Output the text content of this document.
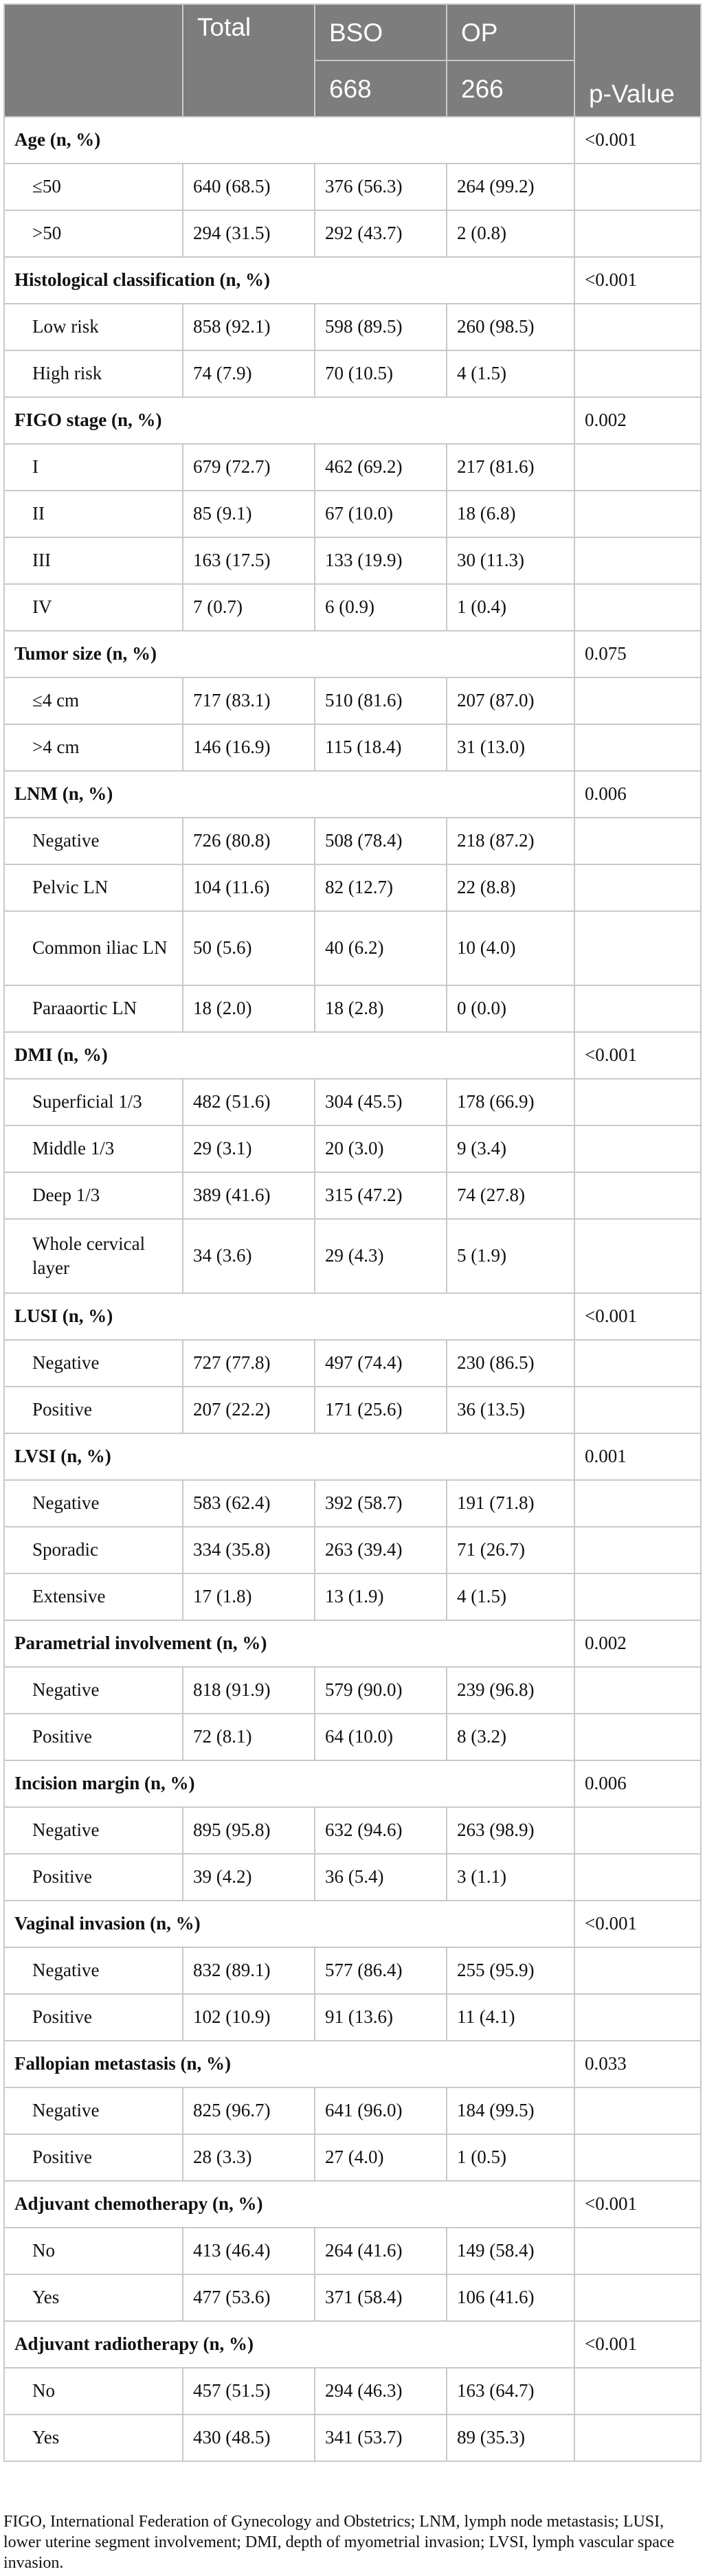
	Total	BSO	OP	p-Value
		668	266	
Age (n, %)				<0.001
≤50	640 (68.5)	376 (56.3)	264 (99.2)	
>50	294 (31.5)	292 (43.7)	2 (0.8)	
Histological classification (n, %)				<0.001
Low risk	858 (92.1)	598 (89.5)	260 (98.5)	
High risk	74 (7.9)	70 (10.5)	4 (1.5)	
FIGO stage (n, %)				0.002
I	679 (72.7)	462 (69.2)	217 (81.6)	
II	85 (9.1)	67 (10.0)	18 (6.8)	
III	163 (17.5)	133 (19.9)	30 (11.3)	
IV	7 (0.7)	6 (0.9)	1 (0.4)	
Tumor size (n, %)				0.075
≤4 cm	717 (83.1)	510 (81.6)	207 (87.0)	
>4 cm	146 (16.9)	115 (18.4)	31 (13.0)	
LNM (n, %)				0.006
Negative	726 (80.8)	508 (78.4)	218 (87.2)	
Pelvic LN	104 (11.6)	82 (12.7)	22 (8.8)	
Common iliac LN	50 (5.6)	40 (6.2)	10 (4.0)	
Paraaortic LN	18 (2.0)	18 (2.8)	0 (0.0)	
DMI (n, %)				<0.001
Superficial 1/3	482 (51.6)	304 (45.5)	178 (66.9)	
Middle 1/3	29 (3.1)	20 (3.0)	9 (3.4)	
Deep 1/3	389 (41.6)	315 (47.2)	74 (27.8)	
Whole cervical layer	34 (3.6)	29 (4.3)	5 (1.9)	
LUSI (n, %)				<0.001
Negative	727 (77.8)	497 (74.4)	230 (86.5)	
Positive	207 (22.2)	171 (25.6)	36 (13.5)	
LVSI (n, %)				0.001
Negative	583 (62.4)	392 (58.7)	191 (71.8)	
Sporadic	334 (35.8)	263 (39.4)	71 (26.7)	
Extensive	17 (1.8)	13 (1.9)	4 (1.5)	
Parametrial involvement (n, %)				0.002
Negative	818 (91.9)	579 (90.0)	239 (96.8)	
Positive	72 (8.1)	64 (10.0)	8 (3.2)	
Incision margin (n, %)				0.006
Negative	895 (95.8)	632 (94.6)	263 (98.9)	
Positive	39 (4.2)	36 (5.4)	3 (1.1)	
Vaginal invasion (n, %)				<0.001
Negative	832 (89.1)	577 (86.4)	255 (95.9)	
Positive	102 (10.9)	91 (13.6)	11 (4.1)	
Fallopian metastasis (n, %)				0.033
Negative	825 (96.7)	641 (96.0)	184 (99.5)	
Positive	28 (3.3)	27 (4.0)	1 (0.5)	
Adjuvant chemotherapy (n, %)				<0.001
No	413 (46.4)	264 (41.6)	149 (58.4)	
Yes	477 (53.6)	371 (58.4)	106 (41.6)	
Adjuvant radiotherapy (n, %)				<0.001
No	457 (51.5)	294 (46.3)	163 (64.7)	
Yes	430 (48.5)	341 (53.7)	89 (35.3)	

FIGO, International Federation of Gynecology and Obstetrics; LNM, lymph node metastasis; LUSI, lower uterine segment involvement; DMI, depth of myometrial invasion; LVSI, lymph vascular space invasion.
